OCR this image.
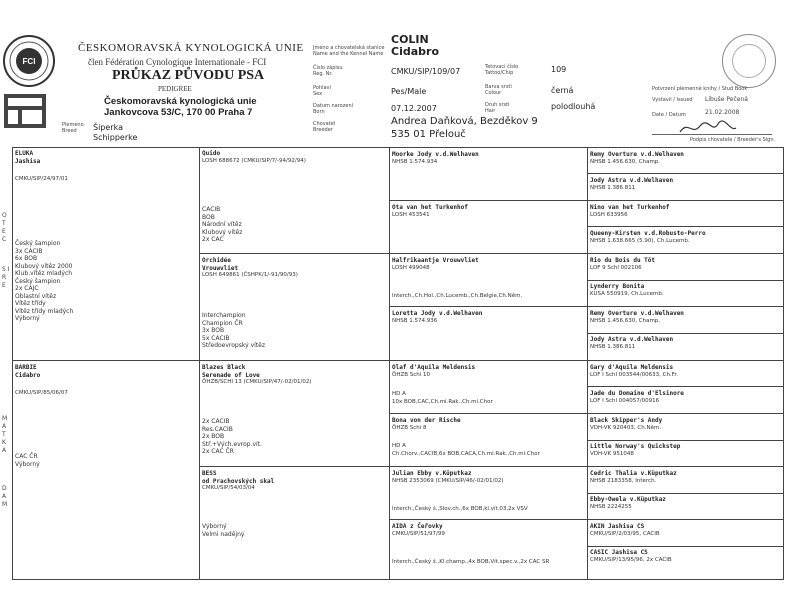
FCI
ČESKOMORAVSKÁ KYNOLOGICKÁ UNIE
člen Fédération Cynologique Internationale - FCI
PRŮKAZ PŮVODU PSA
PEDIGREE
Českomoravská kynologická unie
Jankovcova 53/C, 170 00 Praha 7
Plemeno
Breed	Šiperka
Schipperke
Jméno a chovatelská stanice
Name and the Kennel Name
Číslo zápisu
Reg. Nr.
Pohlaví
Sex
Datum narození
Born
Chovatel
Breeder
COLIN
Cidabro
CMKU/SIP/109/07
Pes/Male
07.12.2007
Andrea Daňková, Bezděkov 9
535 01 Přelouč
Tetovací číslo
Tattoo/Chip
Barva srsti
Colour
Druh srsti
Hair
109
černá
polodlouhá
Potvrzení plemenné knihy / Stud Book
Vystavil / Issued Libuše Pečená
Date / Datum	21.02.2008
Podpis chovatele / Breeder's Sign.
O T E C
S I R E
M A T K A
D A M
ELUKA
Jashisa
CMKU/SIP/24/97/01
Český šampion
3x CACIB
6x BOB
Klubový vítěz 2000
Klub.vítěz mladých
Český šampion
2x CAJC
Oblastní vítěz
Vítěz třídy
Vítěz třídy mladých
Výborný
BARBIE
Cidabro
CMKU/SIP/85/06/07
CAC ČR
Výborný
Quido
LOSH 688672 (CMKU/SIP/7/-94/92/94)
CACIB
BOB
Národní vítěz
Klubový vítěz
2x CAC
Orchidée
Vrouwvliet
LOSH 649861 (ČSHPK/1/-91/90/93)
Interchampion
Champion ČR
3x BOB
5x CACIB
Středoevropský vítěz
Blazes Black
Serenade of Love
ÖHZB/SCHI 13 (CMKU/SIP/47/-02/01/02)
2x CACIB
Res.CACIB
2x BOB
Stř.+Vých.evrop.vít.
2x CAC ČR
BESS
od Prachovských skal
CMKU/SIP/54/03/04
Výborný
Velmi nadějný
Moorke Jody v.d.Welhaven
NHSB 1.574.934
Ota van het Turkenhof
LOSH 453541
Halfrikaantje Vrouwvliet
LOSH 499048
Interch.,Ch.Hol.,Ch.Lucemb.,Ch.Belgie,Ch.Něm.
Loretta Jody v.d.Welhaven
NHSB 1.574.936
Olaf d'Aquila Meldensis
ÖHZB Schi 10
HD A
10x BOB,CAC,Ch.mi.Rak.,Ch.mi.Chor
Bona von der Rische
ÖHZB Schi 8
HD A
Ch.Chorv.,CACIB,6x BOB,CACA,Ch.mi.Rak.,Ch.mi.Chor
Julian Ebby v.Küputkaz
NHSB 2353069 (CMKU/SIP/46/-02/01/02)
Interch.,Český š.,Slov.ch.,6x BOB,kl.vít.03,2x VSV
AIDA z Čeřovky
CMKU/SIP/51/97/99
Interch.,Český š.,Kl.champ.,4x BOB,Vít.spec.v.,2x CAC SR
Remy Overture v.d.Welhaven
NHSB 1.456.630, Champ.
Jody Astra v.d.Welhaven
NHSB 1.386.811
Nino van het Turkenhof
LOSH 633956
Queeny-Kirsten v.d.Robusto-Perro
NHSB 1.638.665 (5.90), Ch.Lucemb.
Rio du Bois du Tôt
LOF 9 Schl 002106
Lynderry Bonita
KUSA 550919, Ch.Lucemb.
Remy Overture v.d.Welhaven
NHSB 1.456.630, Champ.
Jody Astra v.d.Welhaven
NHSB 1.386.811
Gary d'Aquila Meldensis
LOF I Schl 003544/00633, Ch.Fr.
Jade du Domaine d'Elsinore
LOF I Schl 004057/00916
Black Skipper's Andy
VDH-VK 920403, Ch.Něm.
Little Norway's Quickstep
VDH-VK 951048
Cedric Thalia v.Küputkaz
NHSB 2183358, Interch.
Ebby-Owela v.Küputkaz
NHSB 2224255
AKIN Jashisa CS
CMKU/SIP/2/03/95, CACIB
CASIC Jashisa CS
CMKU/SIP/13/95/96, 2x CACIB
